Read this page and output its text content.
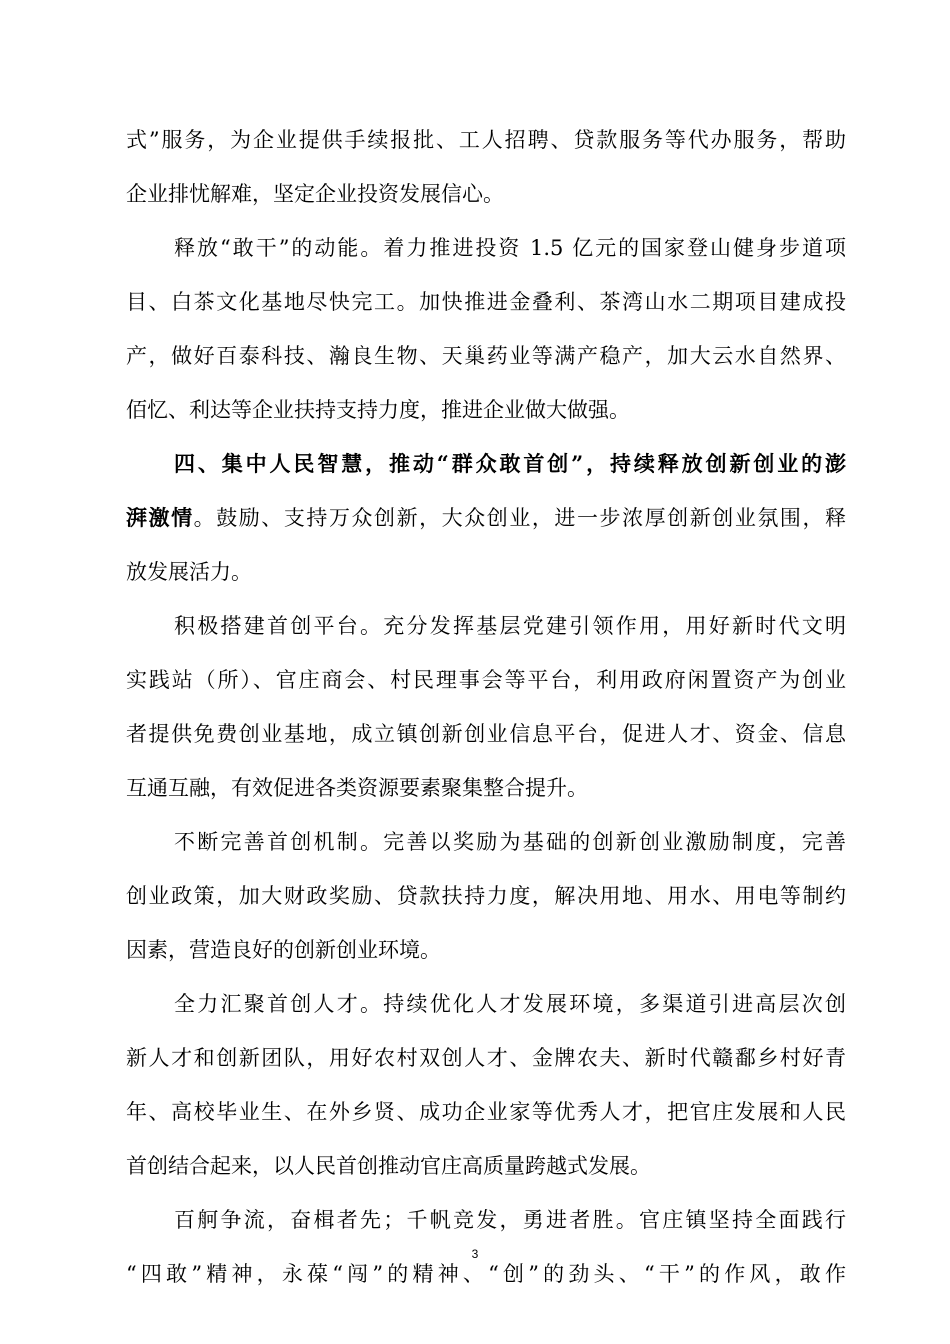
式”服务，为企业提供手续报批、工人招聘、贷款服务等代办服务，帮助
企业排忧解难，坚定企业投资发展信心。
释放“敢干”的动能。着力推进投资 1.5 亿元的国家登山健身步道项
目、白茶文化基地尽快完工。加快推进金叠利、茶湾山水二期项目建成投
产，做好百泰科技、瀚良生物、天巢药业等满产稳产，加大云水自然界、
佰忆、利达等企业扶持支持力度，推进企业做大做强。
四、集中人民智慧，推动“群众敢首创”，持续释放创新创业的澎
湃激情。鼓励、支持万众创新，大众创业，进一步浓厚创新创业氛围，释
放发展活力。
积极搭建首创平台。充分发挥基层党建引领作用，用好新时代文明
实践站（所）、官庄商会、村民理事会等平台，利用政府闲置资产为创业
者提供免费创业基地，成立镇创新创业信息平台，促进人才、资金、信息
互通互融，有效促进各类资源要素聚集整合提升。
不断完善首创机制。完善以奖励为基础的创新创业激励制度，完善
创业政策，加大财政奖励、贷款扶持力度，解决用地、用水、用电等制约
因素，营造良好的创新创业环境。
全力汇聚首创人才。持续优化人才发展环境，多渠道引进高层次创
新人才和创新团队，用好农村双创人才、金牌农夫、新时代赣鄱乡村好青
年、高校毕业生、在外乡贤、成功企业家等优秀人才，把官庄发展和人民
首创结合起来，以人民首创推动官庄高质量跨越式发展。
百舸争流，奋楫者先；千帆竞发，勇进者胜。官庄镇坚持全面践行
“四敢”精神，永葆“闯”的精神、“创”的劲头、“干”的作风，敢作
3
